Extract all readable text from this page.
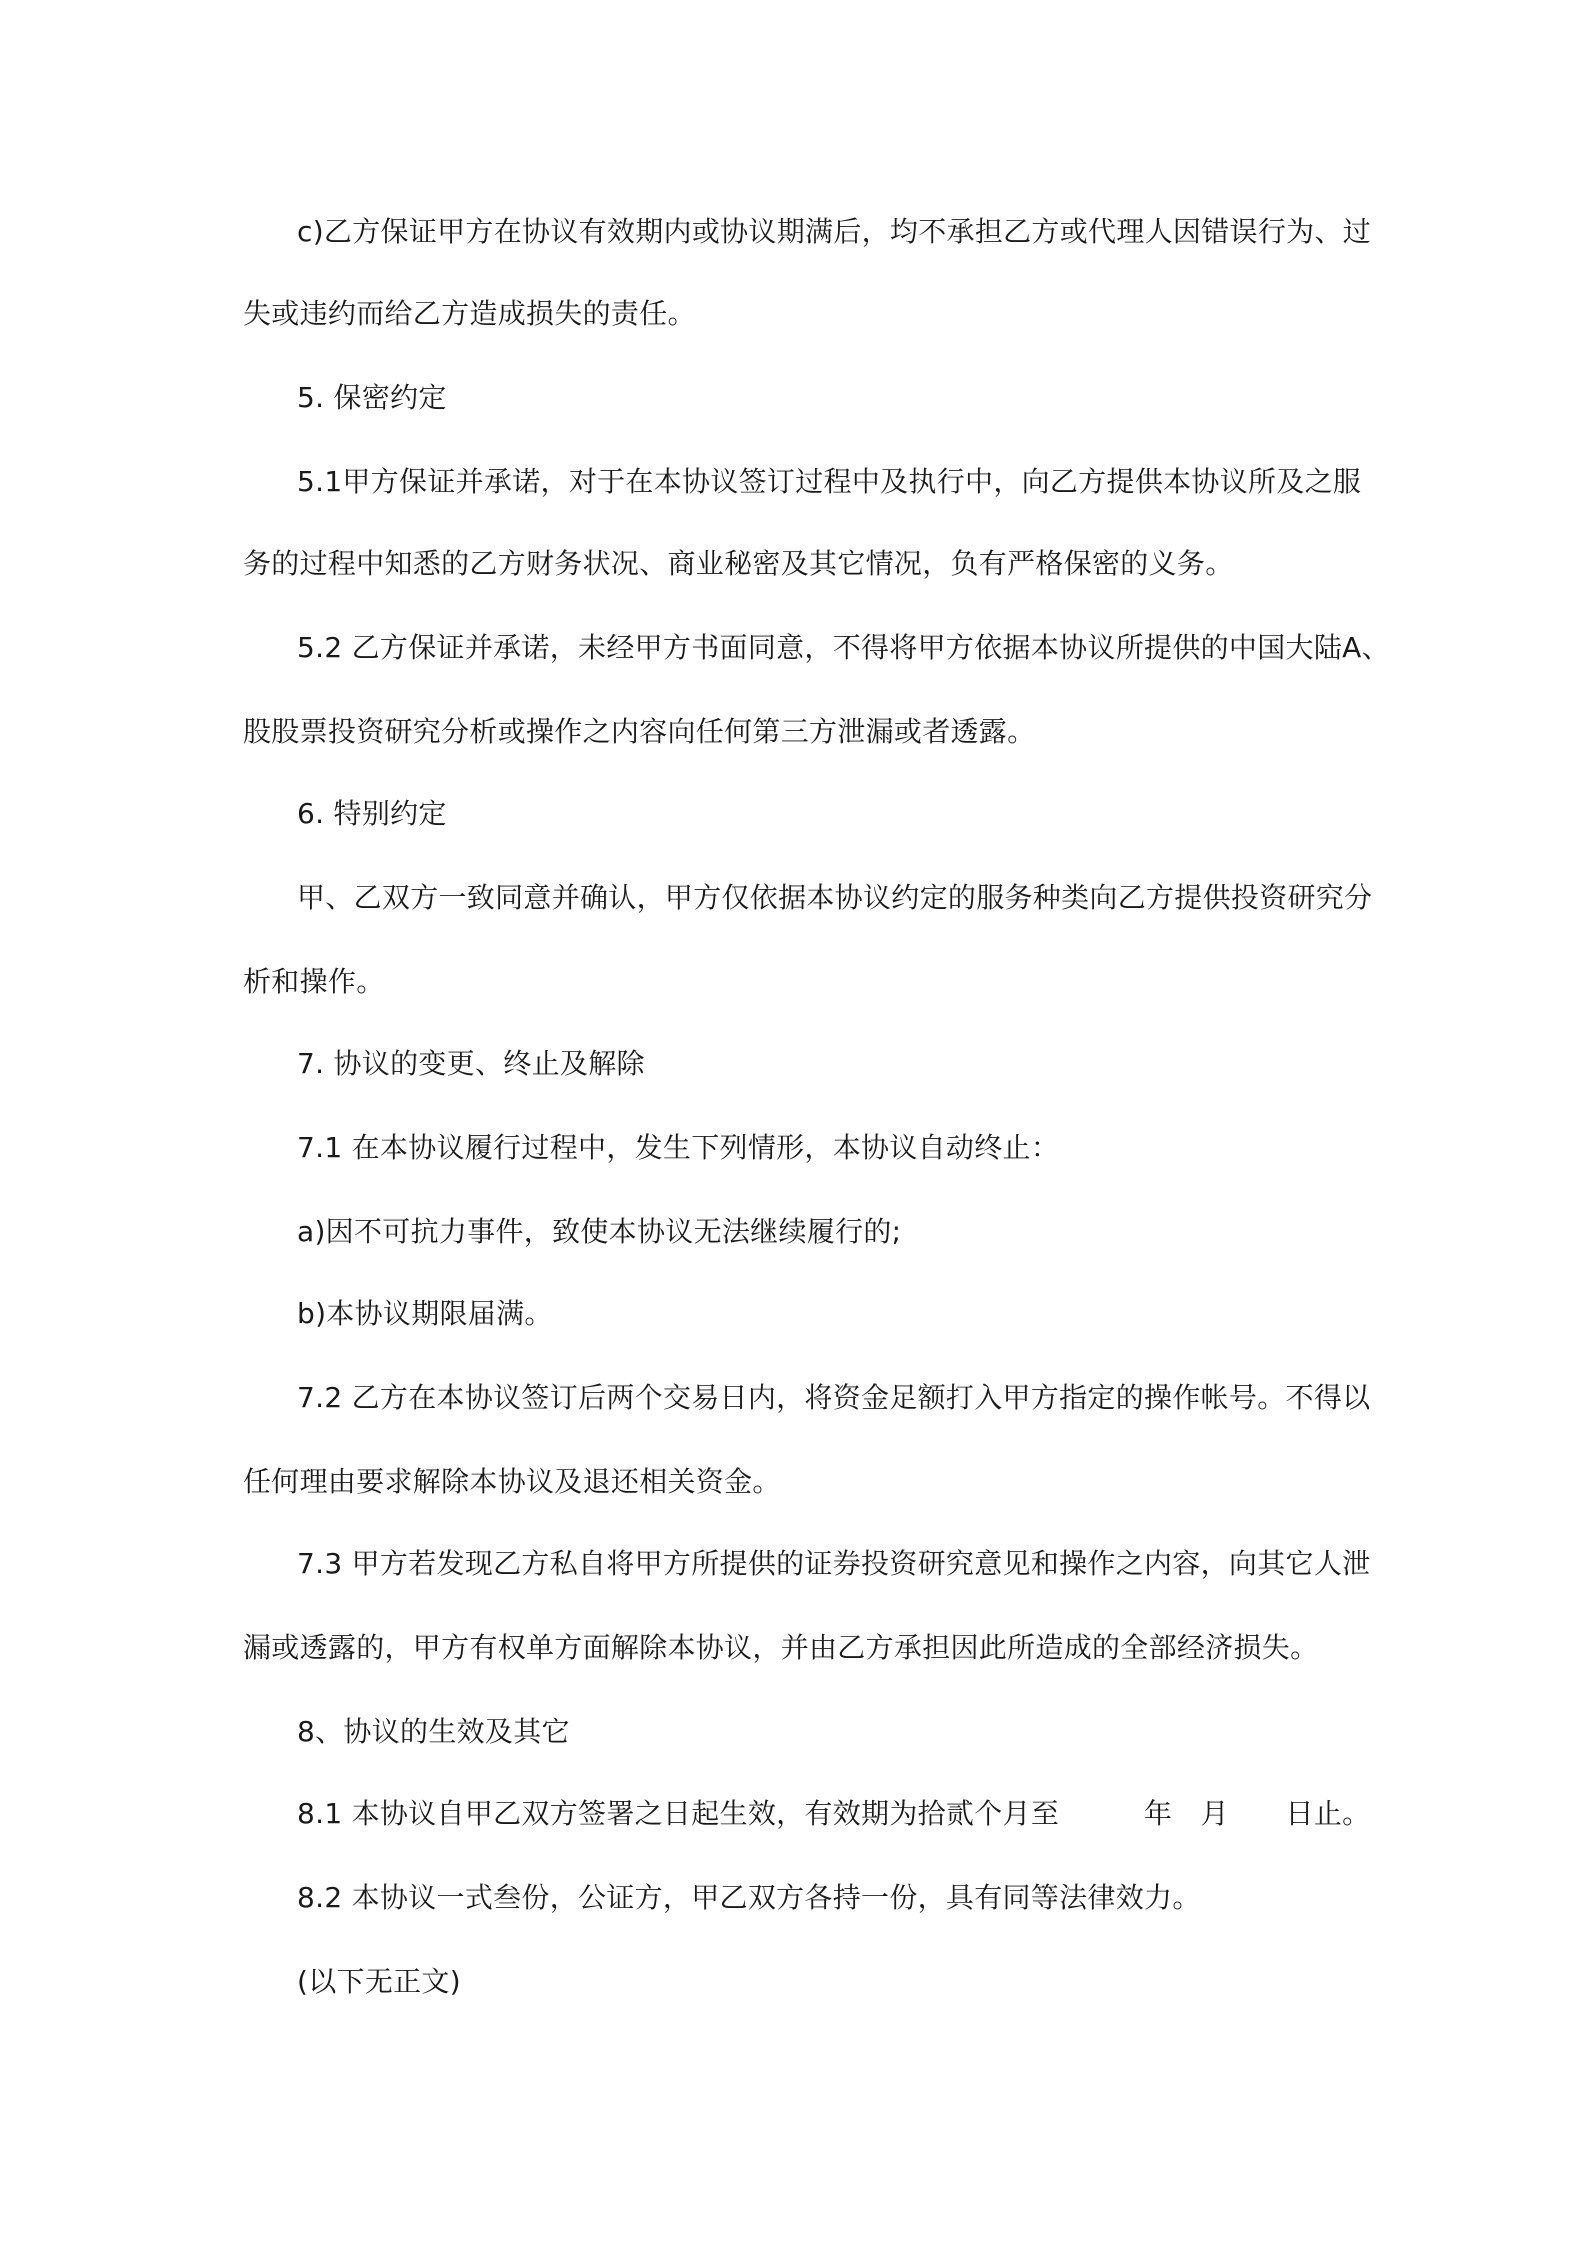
c)乙方保证甲方在协议有效期内或协议期满后，均不承担乙方或代理人因错误行为、过
失或违约而给乙方造成损失的责任。
5. 保密约定
5.1甲方保证并承诺，对于在本协议签订过程中及执行中，向乙方提供本协议所及之服
务的过程中知悉的乙方财务状况、商业秘密及其它情况，负有严格保密的义务。
5.2 乙方保证并承诺，未经甲方书面同意，不得将甲方依据本协议所提供的中国大陆A、
股股票投资研究分析或操作之内容向任何第三方泄漏或者透露。
6. 特别约定
甲、乙双方一致同意并确认，甲方仅依据本协议约定的服务种类向乙方提供投资研究分
析和操作。
7. 协议的变更、终止及解除
7.1 在本协议履行过程中，发生下列情形，本协议自动终止：
a)因不可抗力事件，致使本协议无法继续履行的;
b)本协议期限届满。
7.2 乙方在本协议签订后两个交易日内，将资金足额打入甲方指定的操作帐号。不得以
任何理由要求解除本协议及退还相关资金。
7.3 甲方若发现乙方私自将甲方所提供的证券投资研究意见和操作之内容，向其它人泄
漏或透露的，甲方有权单方面解除本协议，并由乙方承担因此所造成的全部经济损失。
8、协议的生效及其它
8.1 本协议自甲乙双方签署之日起生效，有效期为拾贰个月至　　　年　月　　日止。
8.2 本协议一式叁份，公证方，甲乙双方各持一份，具有同等法律效力。
(以下无正文)
